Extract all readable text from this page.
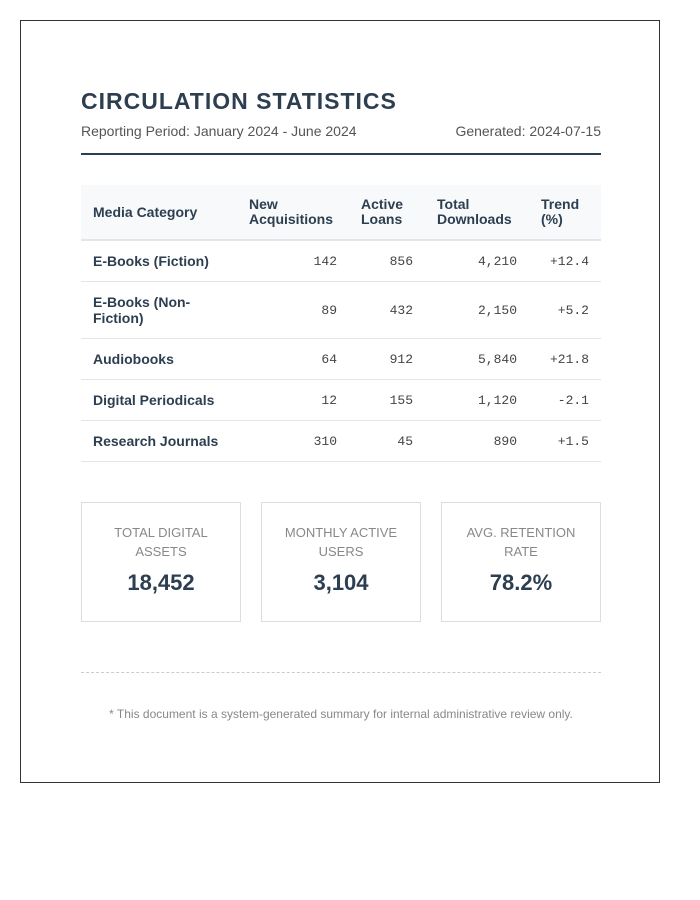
CIRCULATION STATISTICS
Reporting Period: January 2024 - June 2024	Generated: 2024-07-15
Media Category	New Acquisitions	Active Loans	Total Downloads	Trend (%)
E-Books (Fiction)	142	856	4,210	+12.4
E-Books (Non-Fiction)	89	432	2,150	+5.2
Audiobooks	64	912	5,840	+21.8
Digital Periodicals	12	155	1,120	-2.1
Research Journals	310	45	890	+1.5
TOTAL DIGITAL ASSETS
18,452
MONTHLY ACTIVE USERS
3,104
AVG. RETENTION RATE
78.2%
* This document is a system-generated summary for internal administrative review only.
